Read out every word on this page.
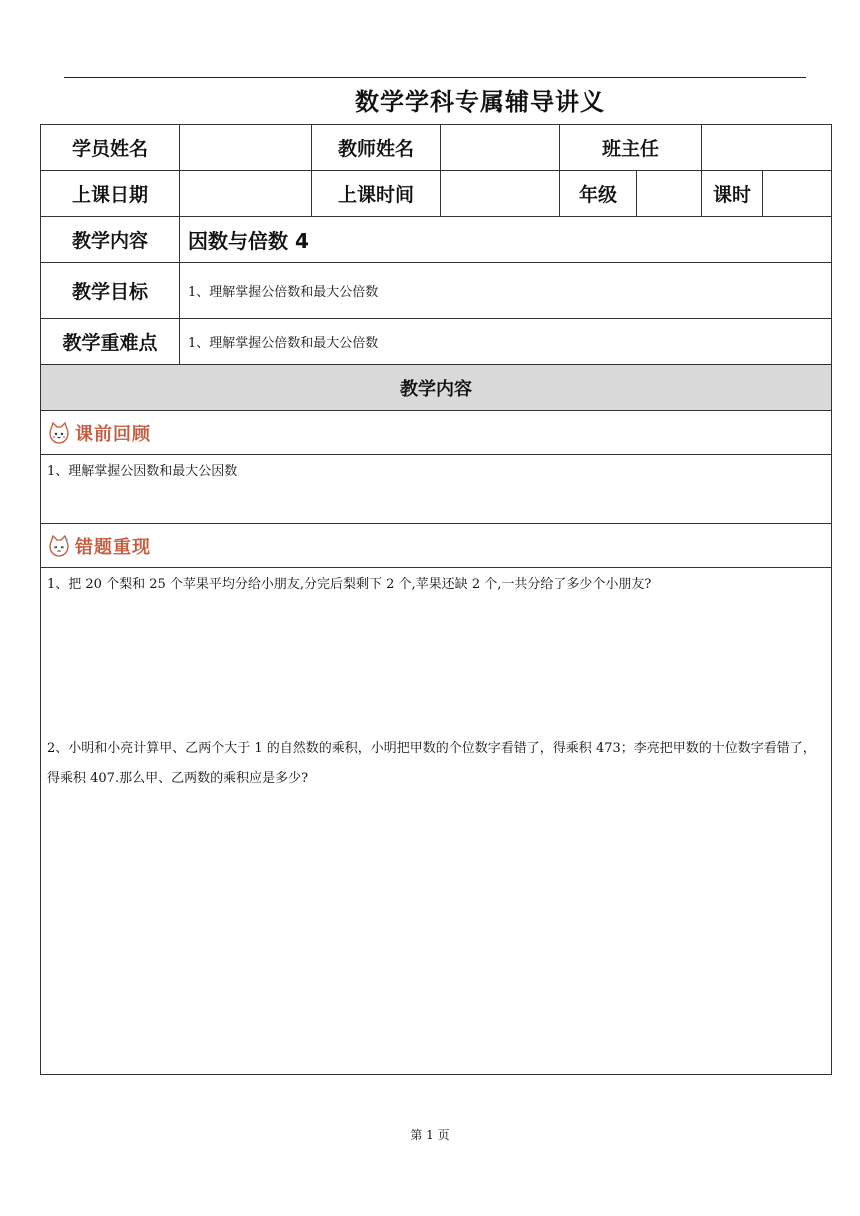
数学学科专属辅导讲义
学员姓名		教师姓名		班主任			
上课日期		上课时间		年级		课时	
教学内容	因数与倍数 4						
教学目标	1、理解掌握公倍数和最大公倍数						
教学重难点	1、理解掌握公倍数和最大公倍数						
教学内容							

课前回顾							

1、理解掌握公因数和最大公因数							

错题重现							

1、把 20 个梨和 25 个苹果平均分给小朋友,分完后梨剩下 2 个,苹果还缺 2 个,一共分给了多少个小朋友?
2、小明和小亮计算甲、乙两个大于 1 的自然数的乘积，小明把甲数的个位数字看错了，得乘积 473；李亮把甲数的十位数字看错了，得乘积 407.那么甲、乙两数的乘积应是多少?							
第 1 页
